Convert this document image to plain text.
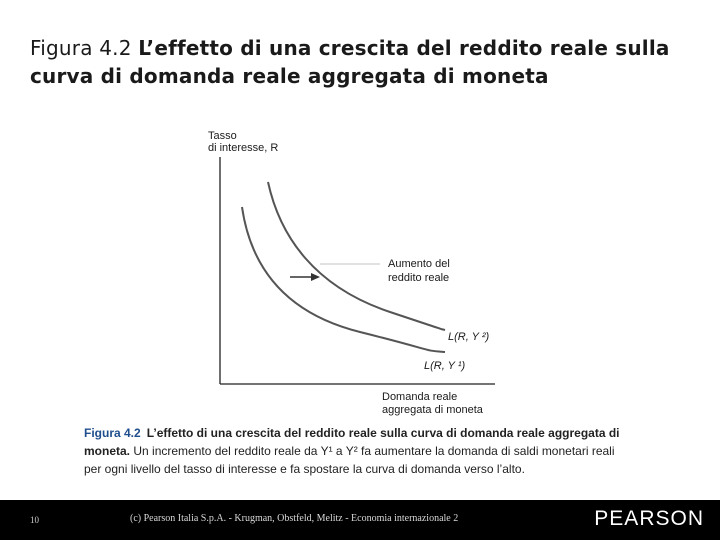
Figura 4.2 L’effetto di una crescita del reddito reale sulla curva di domanda reale aggregata di moneta
Tasso
di interesse, R
Aumento del
reddito reale
L(R, Y ²)
L(R, Y ¹)
Domanda reale
aggregata di moneta
Figura 4.2 L’effetto di una crescita del reddito reale sulla curva di domanda reale aggregata di moneta. Un incremento del reddito reale da Y¹ a Y² fa aumentare la domanda di saldi monetari reali per ogni livello del tasso di interesse e fa spostare la curva di domanda verso l’alto.
10	(c) Pearson Italia S.p.A. - Krugman, Obstfeld, Melitz - Economia internazionale 2	PEARSON
